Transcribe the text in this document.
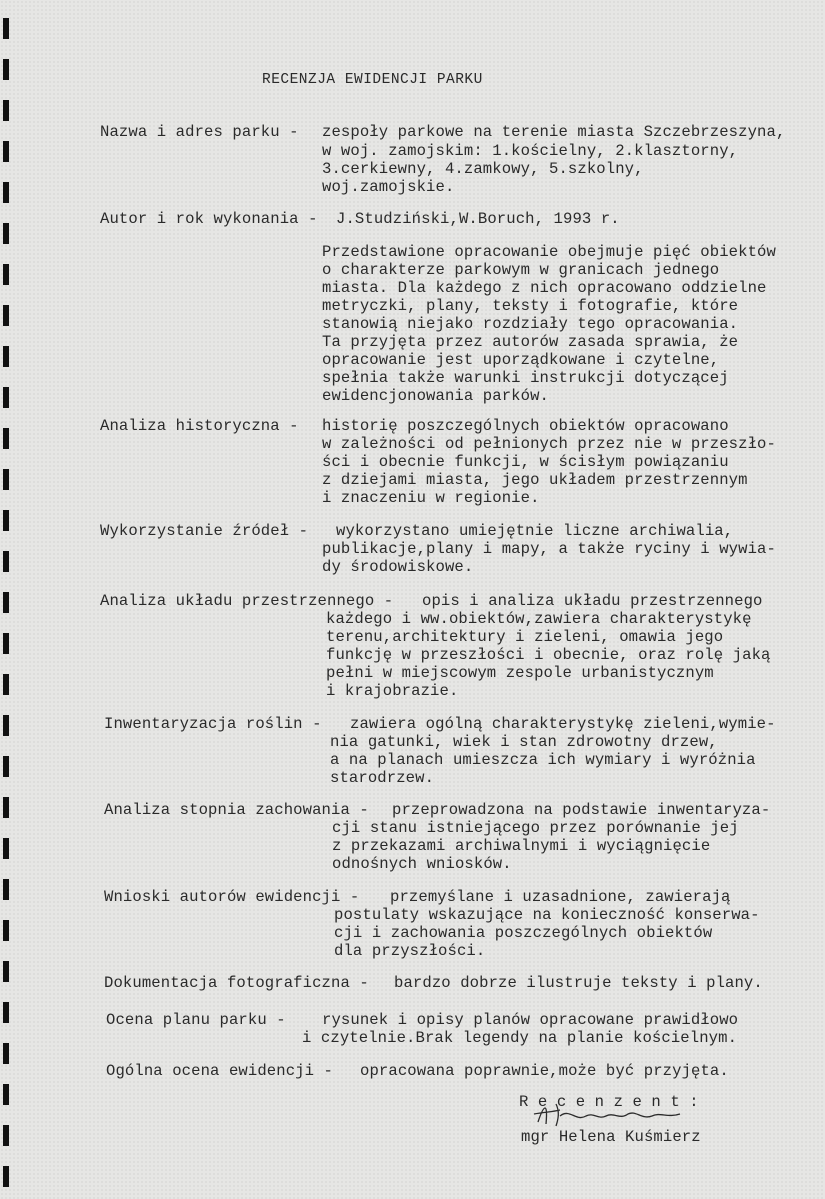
RECENZJA EWIDENCJI PARKU
Nazwa i adres parku - zespoły parkowe na terenie miasta Szczebrzeszyna,
w woj. zamojskim: 1.kościelny, 2.klasztorny,
3.cerkiewny, 4.zamkowy, 5.szkolny,
woj.zamojskie.
Autor i rok wykonania - J.Studziński,W.Boruch, 1993 r.
Przedstawione opracowanie obejmuje pięć obiektów
o charakterze parkowym w granicach jednego
miasta. Dla każdego z nich opracowano oddzielne
metryczki, plany, teksty i fotografie, które
stanowią niejako rozdziały tego opracowania.
Ta przyjęta przez autorów zasada sprawia, że
opracowanie jest uporządkowane i czytelne,
spełnia także warunki instrukcji dotyczącej
ewidencjonowania parków.
Analiza historyczna - historię poszczególnych obiektów opracowano
w zależności od pełnionych przez nie w przeszło-
ści i obecnie funkcji, w ścisłym powiązaniu
z dziejami miasta, jego układem przestrzennym
i znaczeniu w regionie.
Wykorzystanie źródeł - wykorzystano umiejętnie liczne archiwalia,
publikacje,plany i mapy, a także ryciny i wywia-
dy środowiskowe.
Analiza układu przestrzennego - opis i analiza układu przestrzennego
każdego i ww.obiektów,zawiera charakterystykę
terenu,architektury i zieleni, omawia jego
funkcję w przeszłości i obecnie, oraz rolę jaką
pełni w miejscowym zespole urbanistycznym
i krajobrazie.
Inwentaryzacja roślin - zawiera ogólną charakterystykę zieleni,wymie-
nia gatunki, wiek i stan zdrowotny drzew,
a na planach umieszcza ich wymiary i wyróżnia
starodrzew.
Analiza stopnia zachowania - przeprowadzona na podstawie inwentaryza-
cji stanu istniejącego przez porównanie jej
z przekazami archiwalnymi i wyciągnięcie
odnośnych wniosków.
Wnioski autorów ewidencji - przemyślane i uzasadnione, zawierają
postulaty wskazujące na konieczność konserwa-
cji i zachowania poszczególnych obiektów
dla przyszłości.
Dokumentacja fotograficzna - bardzo dobrze ilustruje teksty i plany.
Ocena planu parku - rysunek i opisy planów opracowane prawidłowo
i czytelnie.Brak legendy na planie kościelnym.
Ogólna ocena ewidencji - opracowana poprawnie,może być przyjęta.
R e c e n z e n t :
mgr Helena Kuśmierz
